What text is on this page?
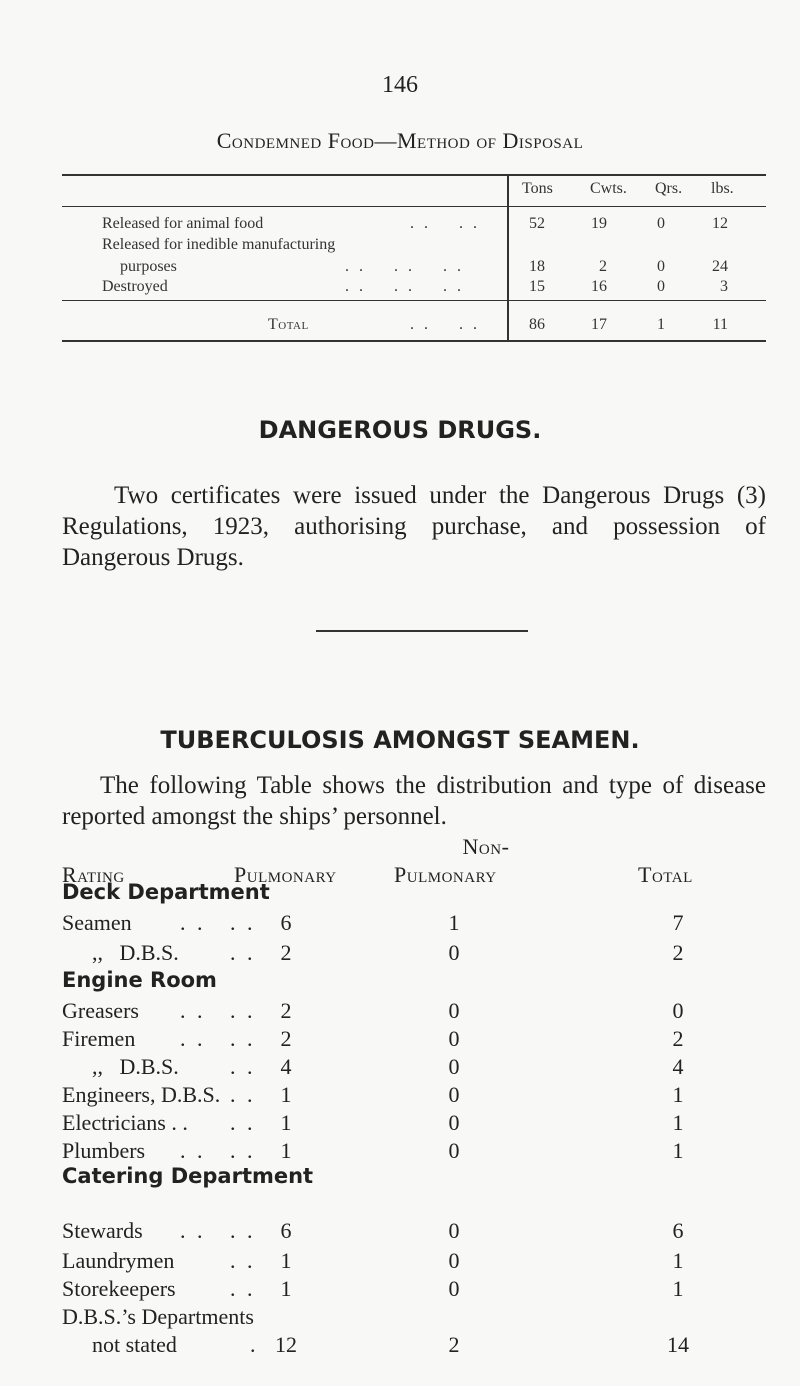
146
Condemned Food—Method of Disposal
Tons Cwts. Qrs. lbs.
Released for animal food	. .    . .	52	19	0	12
Released for inedible manufacturing
purposes	. .    . .    . .	18	2	0	24
Destroyed	. .    . .    . .	15	16	0	3
Total	. .    . .	86	17	1	11
DANGEROUS DRUGS.
Two certificates were issued under the Dangerous Drugs (3) Regulations, 1923, authorising purchase, and possession of Dangerous Drugs.
TUBERCULOSIS AMONGST SEAMEN.
The following Table shows the distribution and type of disease reported amongst the ships’ personnel.
Non-
Rating	Pulmonary	Pulmonary	Total
Deck Department
Seamen . . . .	6	1	7
,,   D.B.S. . .	2	0	2
Engine Room
Greasers . . . .	2	0	0
Firemen . . . .	2	0	2
,,   D.B.S. . .	4	0	4
Engineers, D.B.S. . .	1	0	1
Electricians . . . .	1	0	1
Plumbers . . . .	1	0	1
Catering Department
Stewards . . . .	6	0	6
Laundrymen	. .	1	0	1
Storekeepers . .	1	0	1
D.B.S.’s Departments
not stated	. 12	2	14
